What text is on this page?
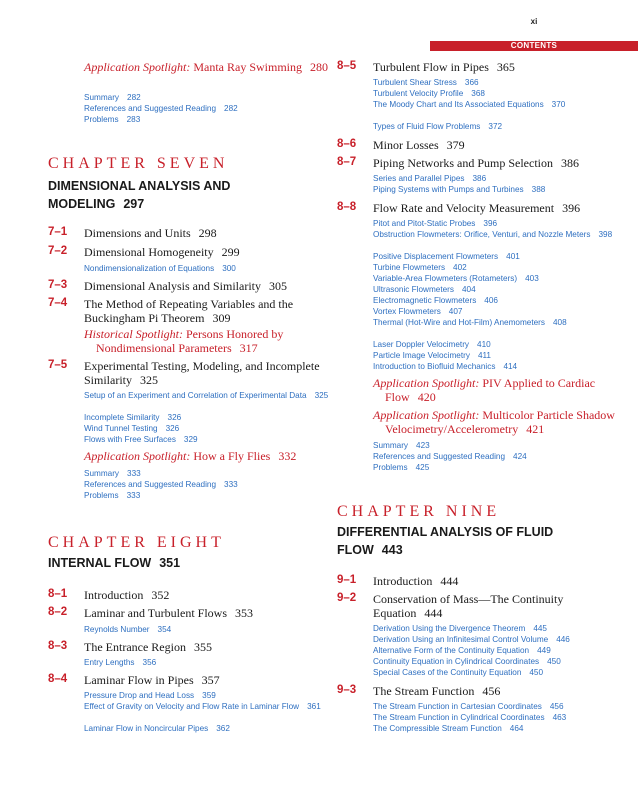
xi
CONTENTS
Application Spotlight: Manta Ray Swimming 280
Summary 282
References and Suggested Reading 282
Problems 283
CHAPTER SEVEN
DIMENSIONAL ANALYSIS AND MODELING 297
7–1 Dimensions and Units 298
7–2 Dimensional Homogeneity 299
Nondimensionalization of Equations 300
7–3 Dimensional Analysis and Similarity 305
7–4 The Method of Repeating Variables and the Buckingham Pi Theorem 309
Historical Spotlight: Persons Honored by Nondimensional Parameters 317
7–5 Experimental Testing, Modeling, and Incomplete Similarity 325
Setup of an Experiment and Correlation of Experimental Data 325
Incomplete Similarity 326
Wind Tunnel Testing 326
Flows with Free Surfaces 329
Application Spotlight: How a Fly Flies 332
Summary 333
References and Suggested Reading 333
Problems 333
CHAPTER EIGHT
INTERNAL FLOW 351
8–1 Introduction 352
8–2 Laminar and Turbulent Flows 353
Reynolds Number 354
8–3 The Entrance Region 355
Entry Lengths 356
8–4 Laminar Flow in Pipes 357
Pressure Drop and Head Loss 359
Effect of Gravity on Velocity and Flow Rate in Laminar Flow 361
Laminar Flow in Noncircular Pipes 362
8–5 Turbulent Flow in Pipes 365
Turbulent Shear Stress 366
Turbulent Velocity Profile 368
The Moody Chart and Its Associated Equations 370
Types of Fluid Flow Problems 372
8–6 Minor Losses 379
8–7 Piping Networks and Pump Selection 386
Series and Parallel Pipes 386
Piping Systems with Pumps and Turbines 388
8–8 Flow Rate and Velocity Measurement 396
Pitot and Pitot-Static Probes 396
Obstruction Flowmeters: Orifice, Venturi, and Nozzle Meters 398
Positive Displacement Flowmeters 401
Turbine Flowmeters 402
Variable-Area Flowmeters (Rotameters) 403
Ultrasonic Flowmeters 404
Electromagnetic Flowmeters 406
Vortex Flowmeters 407
Thermal (Hot-Wire and Hot-Film) Anemometers 408
Laser Doppler Velocimetry 410
Particle Image Velocimetry 411
Introduction to Biofluid Mechanics 414
Application Spotlight: PIV Applied to Cardiac Flow 420
Application Spotlight: Multicolor Particle Shadow Velocimetry/Accelerometry 421
Summary 423
References and Suggested Reading 424
Problems 425
CHAPTER NINE
DIFFERENTIAL ANALYSIS OF FLUID FLOW 443
9–1 Introduction 444
9–2 Conservation of Mass—The Continuity Equation 444
Derivation Using the Divergence Theorem 445
Derivation Using an Infinitesimal Control Volume 446
Alternative Form of the Continuity Equation 449
Continuity Equation in Cylindrical Coordinates 450
Special Cases of the Continuity Equation 450
9–3 The Stream Function 456
The Stream Function in Cartesian Coordinates 456
The Stream Function in Cylindrical Coordinates 463
The Compressible Stream Function 464
